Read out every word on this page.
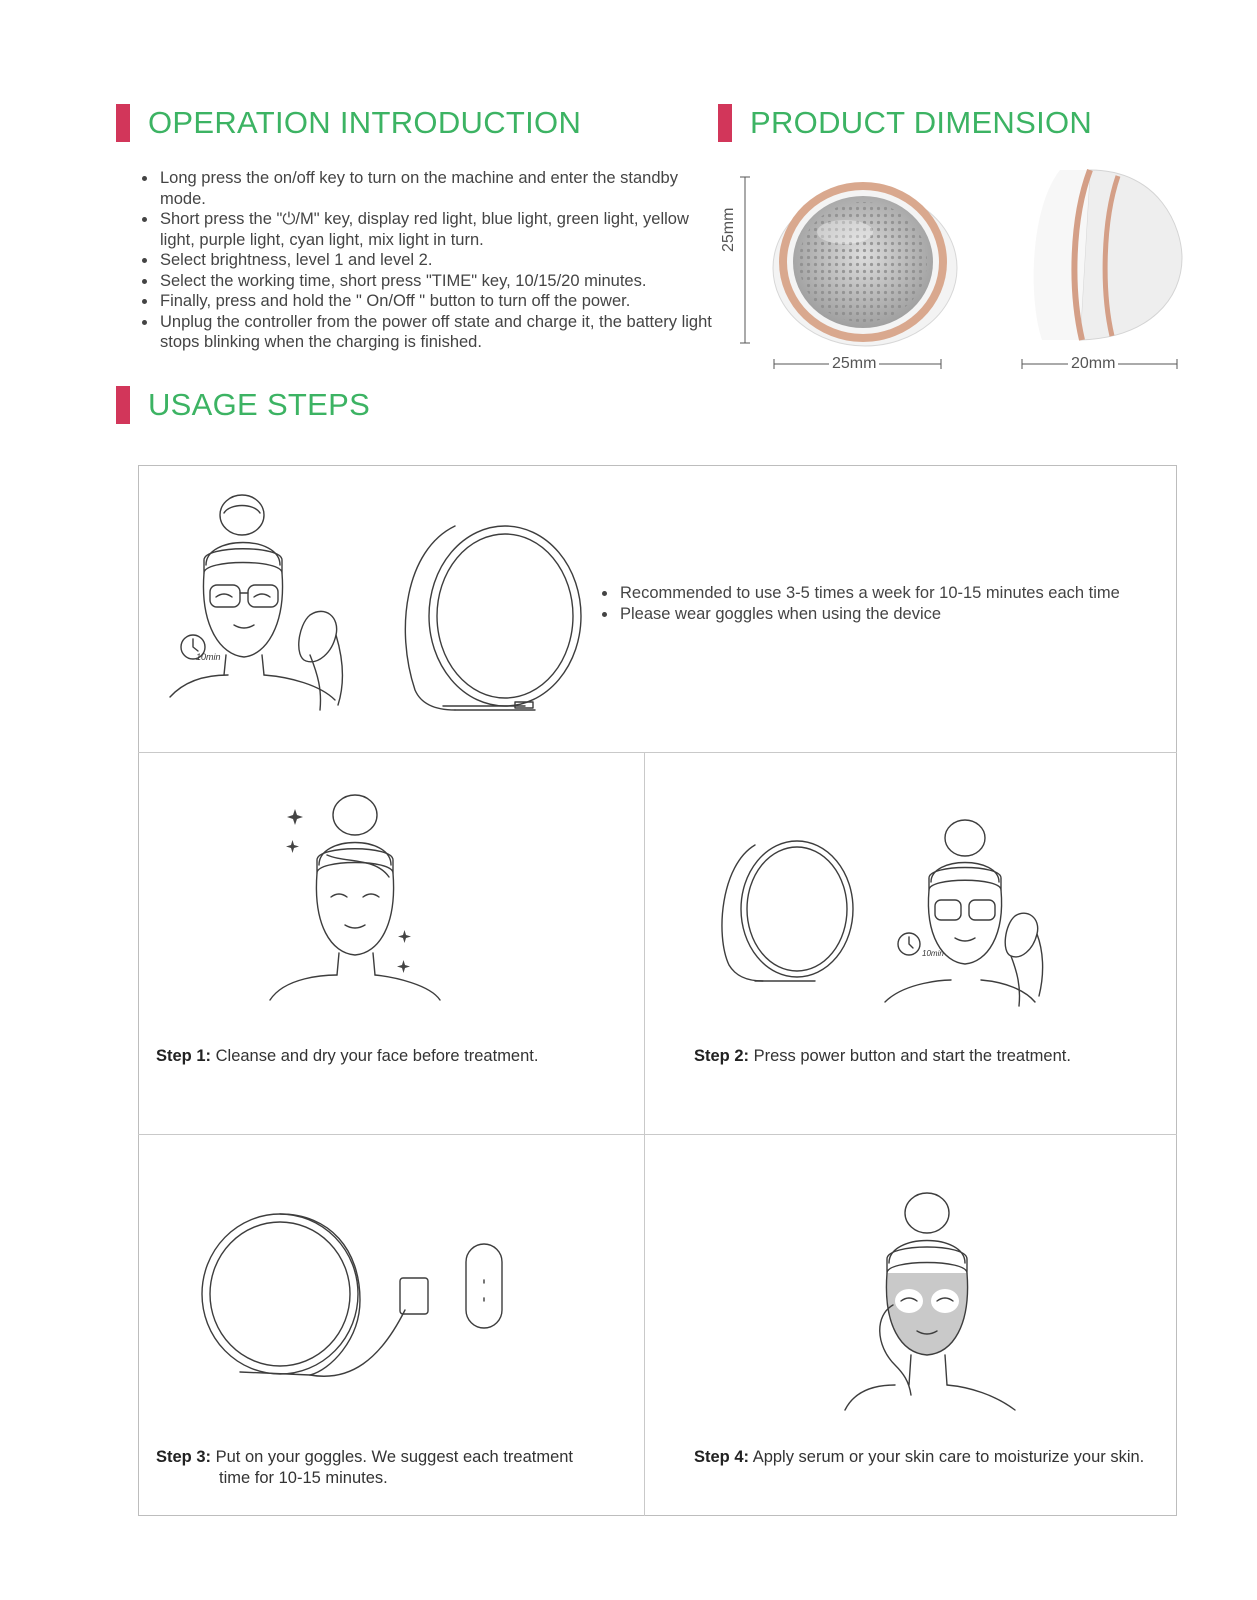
OPERATION INTRODUCTION
• Long press the on/off key to turn on the machine and enter the standby mode.
• Short press the "⏻/M" key, display red light, blue light, green light, yellow light, purple light, cyan light, mix light in turn.
• Select brightness, level 1 and level 2.
• Select the working time, short press "TIME" key, 10/15/20 minutes.
• Finally, press and hold the " On/Off " button to turn off the power.
• Unplug the controller from the power off state and charge it, the battery light stops blinking when the charging is finished.
PRODUCT DIMENSION
25mm
25mm	20mm
USAGE STEPS
10min
• Recommended to use 3-5 times a week for 10-15 minutes each time
• Please wear goggles when using the device
Step 1: Cleanse and dry your face before treatment.
10min
Step 2: Press power button and start the treatment.
Step 3: Put on your goggles. We suggest each treatment
time for 10-15 minutes.
Step 4: Apply serum or your skin care to moisturize your skin.
